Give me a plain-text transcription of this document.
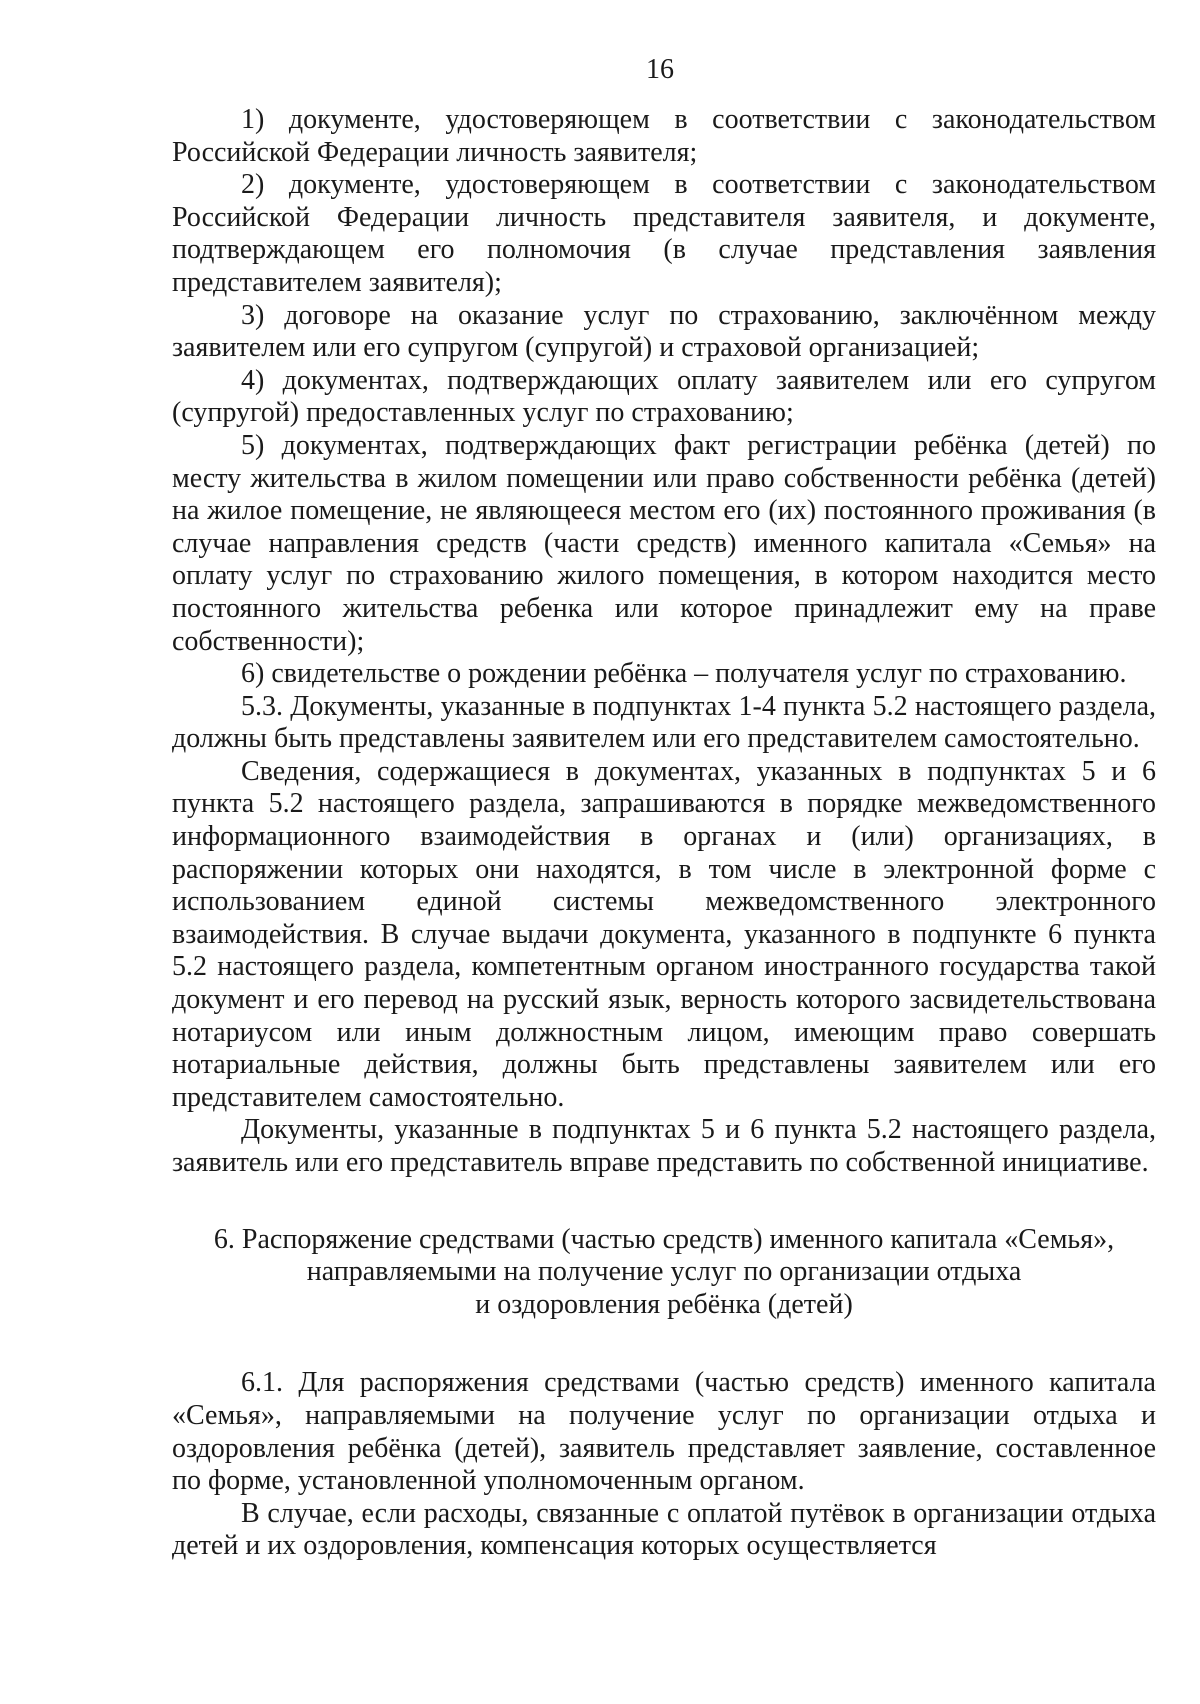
16

1) документе, удостоверяющем в соответствии с законодательством Российской Федерации личность заявителя;

2) документе, удостоверяющем в соответствии с законодательством Российской Федерации личность представителя заявителя, и документе, подтверждающем его полномочия (в случае представления заявления представителем заявителя);

3) договоре на оказание услуг по страхованию, заключённом между заявителем или его супругом (супругой) и страховой организацией;

4) документах, подтверждающих оплату заявителем или его супругом (супругой) предоставленных услуг по страхованию;

5) документах, подтверждающих факт регистрации ребёнка (детей) по месту жительства в жилом помещении или право собственности ребёнка (детей) на жилое помещение, не являющееся местом его (их) постоянного проживания (в случае направления средств (части средств) именного капитала «Семья» на оплату услуг по страхованию жилого помещения, в котором находится место постоянного жительства ребенка или которое принадлежит ему на праве собственности);

6) свидетельстве о рождении ребёнка – получателя услуг по страхованию.

5.3. Документы, указанные в подпунктах 1-4 пункта 5.2 настоящего раздела, должны быть представлены заявителем или его представителем самостоятельно.

Сведения, содержащиеся в документах, указанных в подпунктах 5 и 6 пункта 5.2 настоящего раздела, запрашиваются в порядке межведомственного информационного взаимодействия в органах и (или) организациях, в распоряжении которых они находятся, в том числе в электронной форме с использованием единой системы межведомственного электронного взаимодействия. В случае выдачи документа, указанного в подпункте 6 пункта 5.2 настоящего раздела, компетентным органом иностранного государства такой документ и его перевод на русский язык, верность которого засвидетельствована нотариусом или иным должностным лицом, имеющим право совершать нотариальные действия, должны быть представлены заявителем или его представителем самостоятельно.

Документы, указанные в подпунктах 5 и 6 пункта 5.2 настоящего раздела, заявитель или его представитель вправе представить по собственной инициативе.

6. Распоряжение средствами (частью средств) именного капитала «Семья»,
направляемыми на получение услуг по организации отдыха
и оздоровления ребёнка (детей)

6.1. Для распоряжения средствами (частью средств) именного капитала «Семья», направляемыми на получение услуг по организации отдыха и оздоровления ребёнка (детей), заявитель представляет заявление, составленное по форме, установленной уполномоченным органом.

В случае, если расходы, связанные с оплатой путёвок в организации отдыха детей и их оздоровления, компенсация которых осуществляется
